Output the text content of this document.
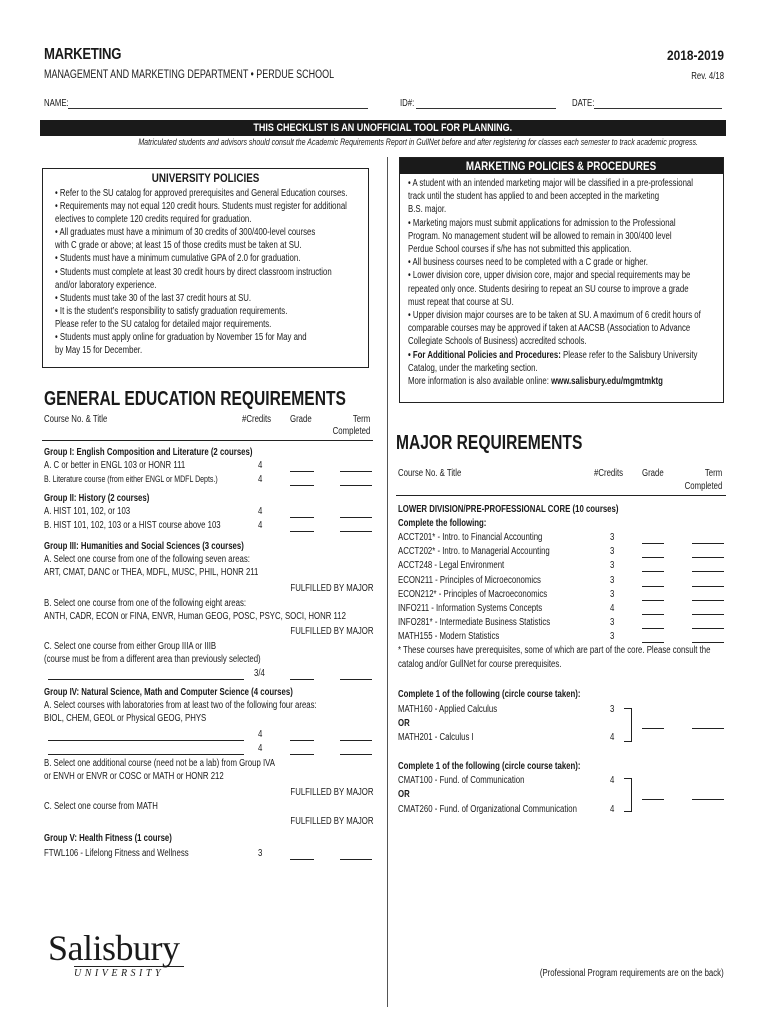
MARKETING	2018-2019
MANAGEMENT AND MARKETING DEPARTMENT • PERDUE SCHOOL	Rev. 4/18
NAME:	ID#:	DATE:
THIS CHECKLIST IS AN UNOFFICIAL TOOL FOR PLANNING.
Matriculated students and advisors should consult the Academic Requirements Report in GullNet before and after registering for classes each semester to track academic progress.
UNIVERSITY POLICIES
• Refer to the SU catalog for approved prerequisites and General Education courses.
• Requirements may not equal 120 credit hours. Students must register for additional
electives to complete 120 credits required for graduation.
• All graduates must have a minimum of 30 credits of 300/400-level courses
with C grade or above; at least 15 of those credits must be taken at SU.
• Students must have a minimum cumulative GPA of 2.0 for graduation.
• Students must complete at least 30 credit hours by direct classroom instruction
and/or laboratory experience.
• Students must take 30 of the last 37 credit hours at SU.
• It is the student’s responsibility to satisfy graduation requirements.
Please refer to the SU catalog for detailed major requirements.
• Students must apply online for graduation by November 15 for May and
by May 15 for December.
MARKETING POLICIES & PROCEDURES
• A student with an intended marketing major will be classified in a pre-professional
track until the student has applied to and been accepted in the marketing
B.S. major.
• Marketing majors must submit applications for admission to the Professional
Program. No management student will be allowed to remain in 300/400 level
Perdue School courses if s/he has not submitted this application.
• All business courses need to be completed with a C grade or higher.
• Lower division core, upper division core, major and special requirements may be
repeated only once. Students desiring to repeat an SU course to improve a grade
must repeat that course at SU.
• Upper division major courses are to be taken at SU. A maximum of 6 credit hours of
comparable courses may be approved if taken at AACSB (Association to Advance
Collegiate Schools of Business) accredited schools.
• For Additional Policies and Procedures: Please refer to the Salisbury University
Catalog, under the marketing section.
More information is also available online: www.salisbury.edu/mgmtmktg
GENERAL EDUCATION REQUIREMENTS
Course No. & Title	#Credits Grade	Term
Completed
Group I: English Composition and Literature (2 courses)
A. C or better in ENGL 103 or HONR 111	4
B. Literature course (from either ENGL or MDFL Depts.)	4
Group II: History (2 courses)
A. HIST 101, 102, or 103	4
B. HIST 101, 102, 103 or a HIST course above 103	4
Group III: Humanities and Social Sciences (3 courses)
A. Select one course from one of the following seven areas:
ART, CMAT, DANC or THEA, MDFL, MUSC, PHIL, HONR 211
FULFILLED BY MAJOR
B. Select one course from one of the following eight areas:
ANTH, CADR, ECON or FINA, ENVR, Human GEOG, POSC, PSYC, SOCI, HONR 112
FULFILLED BY MAJOR
C. Select one course from either Group IIIA or IIIB
(course must be from a different area than previously selected)
3/4
Group IV: Natural Science, Math and Computer Science (4 courses)
A. Select courses with laboratories from at least two of the following four areas:
BIOL, CHEM, GEOL or Physical GEOG, PHYS
4
4
B. Select one additional course (need not be a lab) from Group IVA
or ENVH or ENVR or COSC or MATH or HONR 212
FULFILLED BY MAJOR
C. Select one course from MATH
FULFILLED BY MAJOR
Group V: Health Fitness (1 course)
FTWL106 - Lifelong Fitness and Wellness	3
MAJOR REQUIREMENTS
Course No. & Title	#Credits Grade	Term
Completed
LOWER DIVISION/PRE-PROFESSIONAL CORE (10 courses)
Complete the following:
ACCT201* - Intro. to Financial Accounting	3
ACCT202* - Intro. to Managerial Accounting	3
ACCT248 - Legal Environment	3
ECON211 - Principles of Microeconomics	3
ECON212* - Principles of Macroeconomics	3
INFO211 - Information Systems Concepts	4
INFO281* - Intermediate Business Statistics	3
MATH155 - Modern Statistics	3
* These courses have prerequisites, some of which are part of the core. Please consult the
catalog and/or GullNet for course prerequisites.
Complete 1 of the following (circle course taken):
MATH160 - Applied Calculus	3
OR
MATH201 - Calculus I	4
Complete 1 of the following (circle course taken):
CMAT100 - Fund. of Communication	4
OR
CMAT260 - Fund. of Organizational Communication	4
Salisbury
UNIVERSITY	(Professional Program requirements are on the back)
